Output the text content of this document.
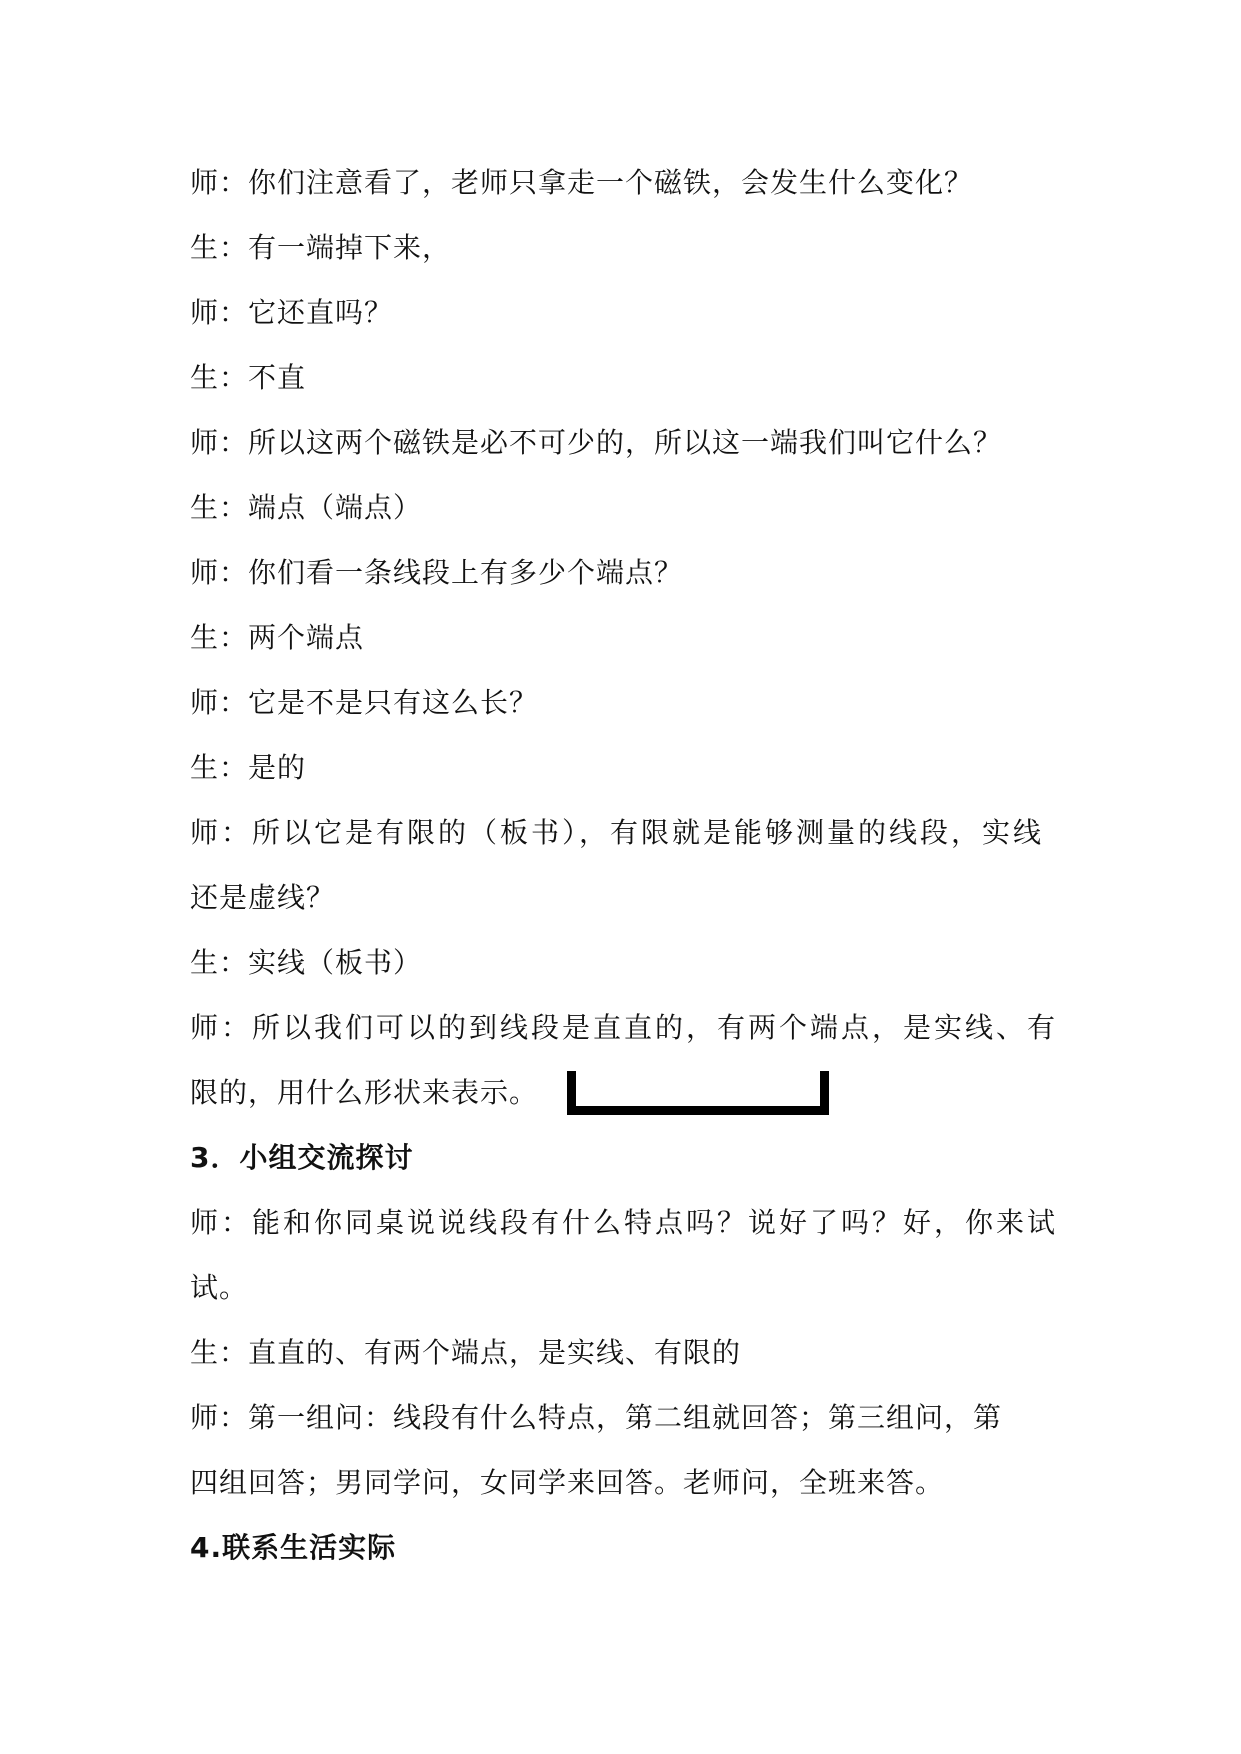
师：你们注意看了，老师只拿走一个磁铁，会发生什么变化？
生：有一端掉下来，
师：它还直吗？
生：不直
师：所以这两个磁铁是必不可少的，所以这一端我们叫它什么？
生：端点（端点）
师：你们看一条线段上有多少个端点？
生：两个端点
师：它是不是只有这么长？
生：是的
师：所以它是有限的（板书），有限就是能够测量的线段，实线
还是虚线？
生：实线（板书）
师：所以我们可以的到线段是直直的，有两个端点，是实线、有
限的，用什么形状来表示。
3．小组交流探讨
师：能和你同桌说说线段有什么特点吗？说好了吗？好，你来试
试。
生：直直的、有两个端点，是实线、有限的
师：第一组问：线段有什么特点，第二组就回答；第三组问，第
四组回答；男同学问，女同学来回答。老师问，全班来答。
4.联系生活实际
